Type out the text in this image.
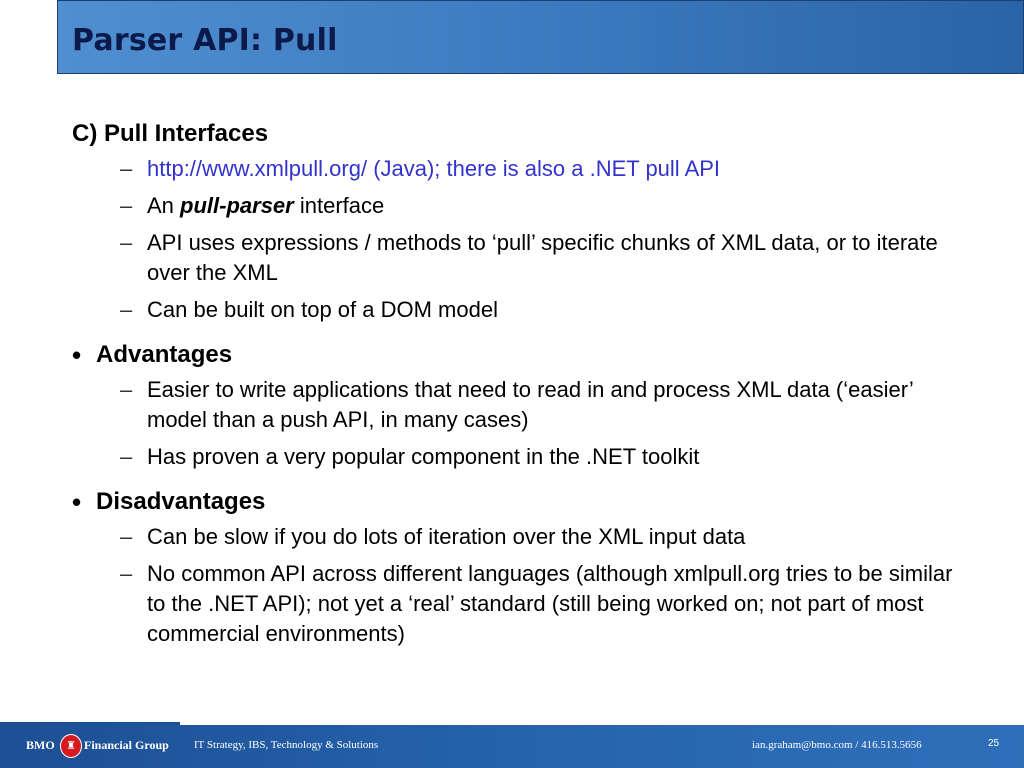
Parser API: Pull
C) Pull Interfaces
– http://www.xmlpull.org/ (Java); there is also a .NET pull API
– An pull-parser interface
– API uses expressions / methods to ‘pull’ specific chunks of XML data, or to iterate over the XML
– Can be built on top of a DOM model
• Advantages
– Easier to write applications that need to read in and process XML data (‘easier’ model than a push API, in many cases)
– Has proven a very popular component in the .NET toolkit
• Disadvantages
– Can be slow if you do lots of iteration over the XML input data
– No common API across different languages (although xmlpull.org tries to be similar to the .NET API); not yet a ‘real’ standard (still being worked on; not part of most commercial environments)
BMO	♜ Financial Group IT Strategy, IBS, Technology & Solutions	ian.graham@bmo.com / 416.513.5656	25
